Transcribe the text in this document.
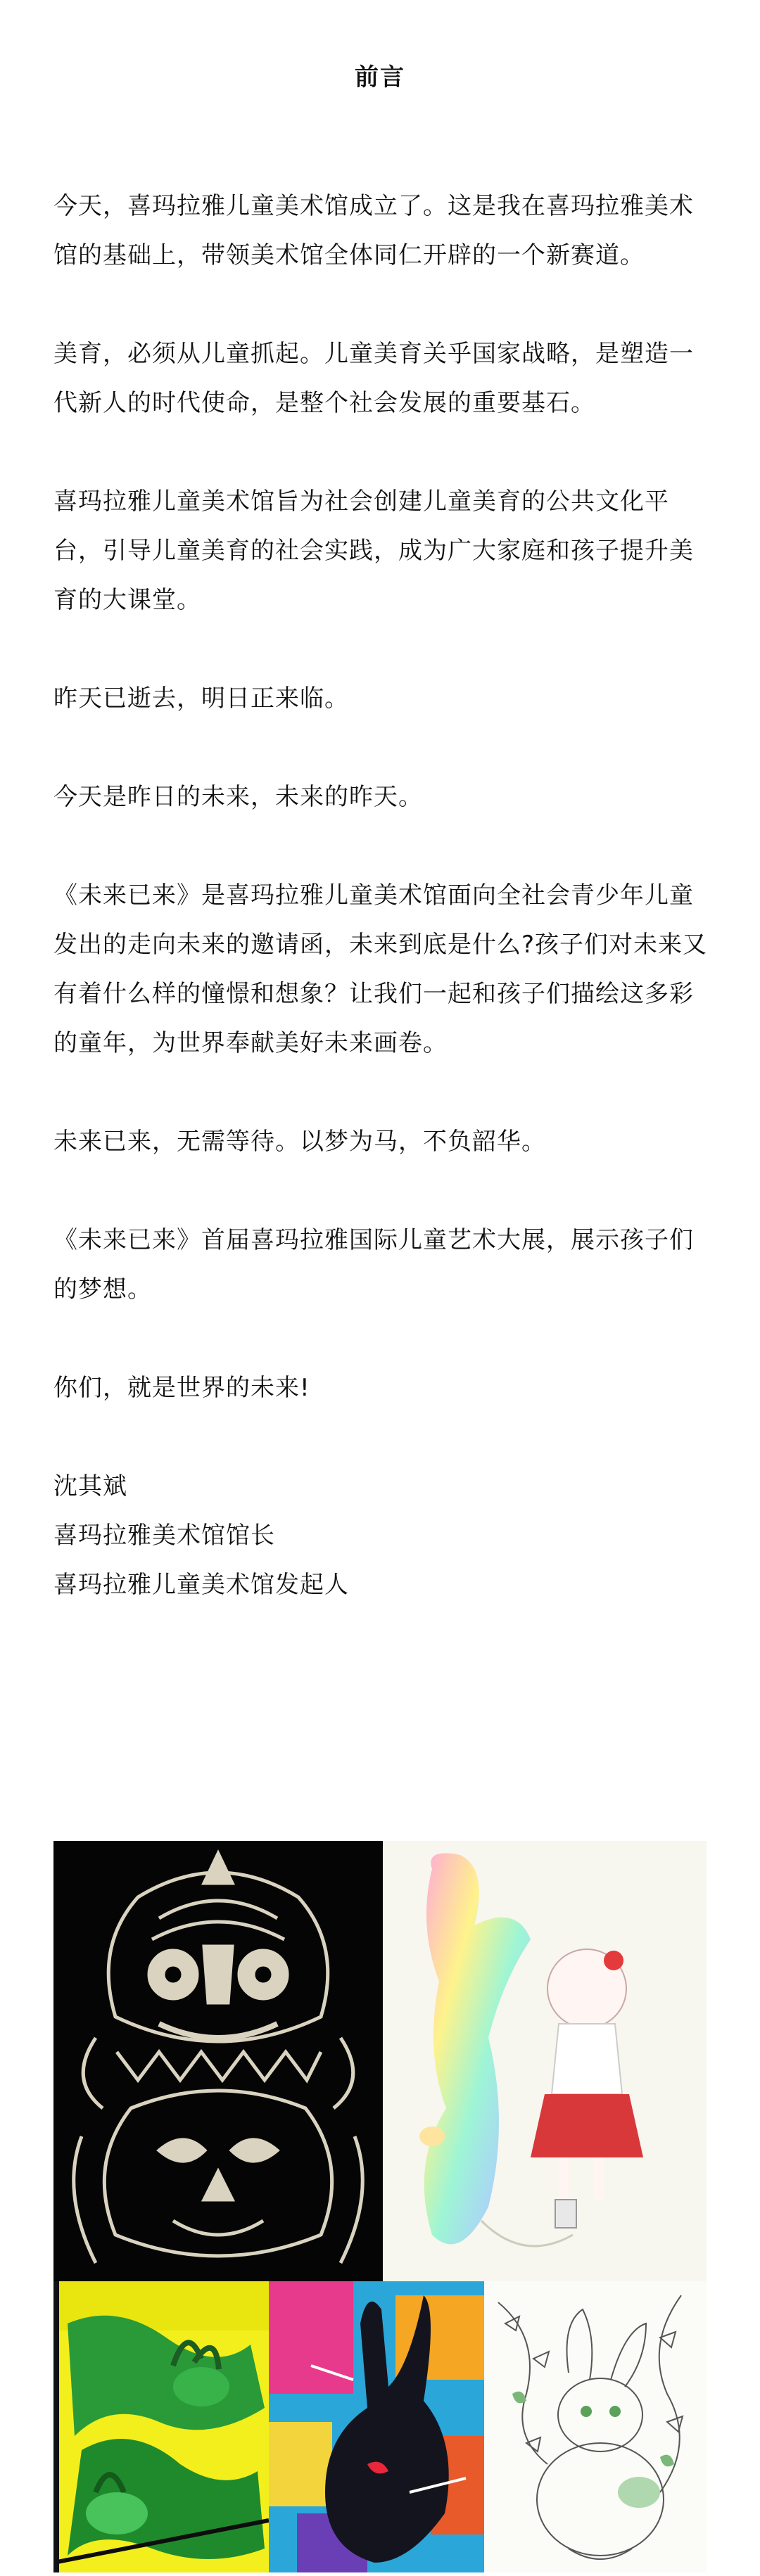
前言

今天，喜玛拉雅儿童美术馆成立了。这是我在喜玛拉雅美术馆的基础上，带领美术馆全体同仁开辟的一个新赛道。

美育，必须从儿童抓起。儿童美育关乎国家战略，是塑造一代新人的时代使命，是整个社会发展的重要基石。

喜玛拉雅儿童美术馆旨为社会创建儿童美育的公共文化平台，引导儿童美育的社会实践，成为广大家庭和孩子提升美育的大课堂。

昨天已逝去，明日正来临。

今天是昨日的未来，未来的昨天。

《未来已来》是喜玛拉雅儿童美术馆面向全社会青少年儿童发出的走向未来的邀请函，未来到底是什么?孩子们对未来又有着什么样的憧憬和想象？让我们一起和孩子们描绘这多彩的童年，为世界奉献美好未来画卷。

未来已来，无需等待。以梦为马，不负韶华。

《未来已来》首届喜玛拉雅国际儿童艺术大展，展示孩子们的梦想。

你们，就是世界的未来!

沈其斌
喜玛拉雅美术馆馆长
喜玛拉雅儿童美术馆发起人
